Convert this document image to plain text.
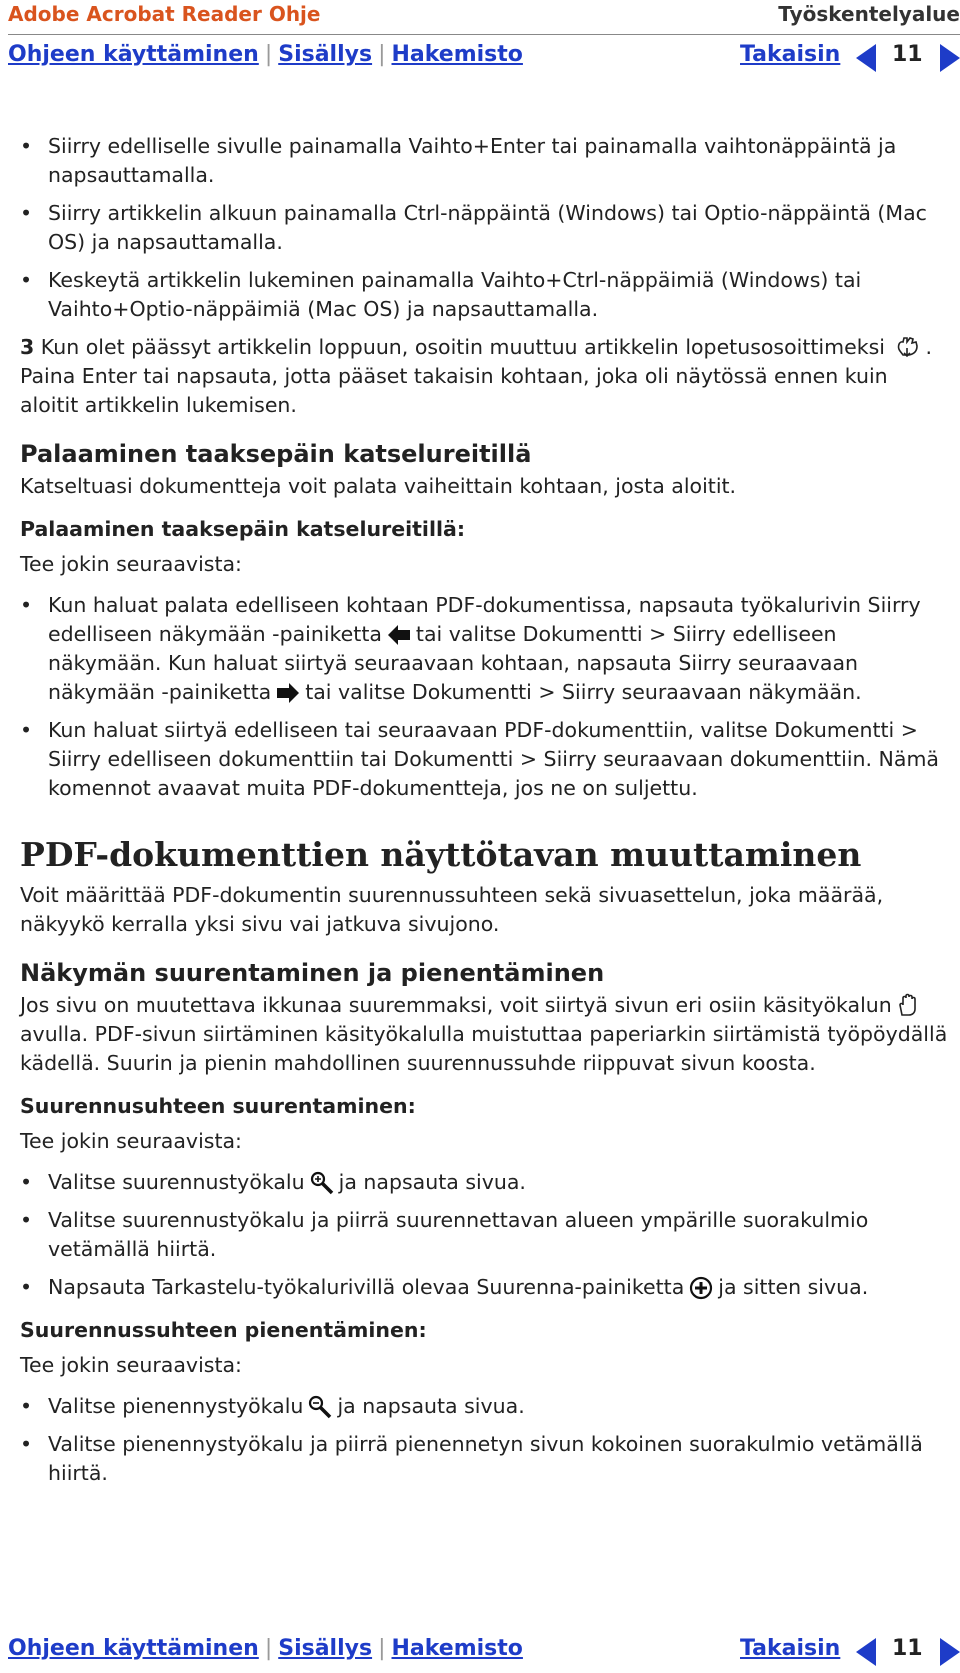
Adobe Acrobat Reader Ohje	Työskentelyalue
Ohjeen käyttäminen | Sisällys | Hakemisto	Takaisin 11
• Siirry edelliselle sivulle painamalla Vaihto+Enter tai painamalla vaihtonäppäintä ja napsauttamalla.
• Siirry artikkelin alkuun painamalla Ctrl-näppäintä (Windows) tai Optio-näppäintä (Mac OS) ja napsauttamalla.
• Keskeytä artikkelin lukeminen painamalla Vaihto+Ctrl-näppäimiä (Windows) tai Vaihto+Optio-näppäimiä (Mac OS) ja napsauttamalla.
3 Kun olet päässyt artikkelin loppuun, osoitin muuttuu artikkelin lopetusosoittimeksi . Paina Enter tai napsauta, jotta pääset takaisin kohtaan, joka oli näytössä ennen kuin aloitit artikkelin lukemisen.
Palaaminen taaksepäin katselureitillä
Katseltuasi dokumentteja voit palata vaiheittain kohtaan, josta aloitit.
Palaaminen taaksepäin katselureitillä:
Tee jokin seuraavista:
• Kun haluat palata edelliseen kohtaan PDF-dokumentissa, napsauta työkalurivin Siirry edelliseen näkymään -painiketta tai valitse Dokumentti > Siirry edelliseen näkymään. Kun haluat siirtyä seuraavaan kohtaan, napsauta Siirry seuraavaan näkymään -painiketta tai valitse Dokumentti > Siirry seuraavaan näkymään.
• Kun haluat siirtyä edelliseen tai seuraavaan PDF-dokumenttiin, valitse Dokumentti > Siirry edelliseen dokumenttiin tai Dokumentti > Siirry seuraavaan dokumenttiin. Nämä komennot avaavat muita PDF-dokumentteja, jos ne on suljettu.
PDF-dokumenttien näyttötavan muuttaminen
Voit määrittää PDF-dokumentin suurennussuhteen sekä sivuasettelun, joka määrää, näkyykö kerralla yksi sivu vai jatkuva sivujono.
Näkymän suurentaminen ja pienentäminen
Jos sivu on muutettava ikkunaa suuremmaksi, voit siirtyä sivun eri osiin käsityökalun avulla. PDF-sivun siirtäminen käsityökalulla muistuttaa paperiarkin siirtämistä työpöydällä kädellä. Suurin ja pienin mahdollinen suurennussuhde riippuvat sivun koosta.
Suurennusuhteen suurentaminen:
Tee jokin seuraavista:
• Valitse suurennustyökalu ja napsauta sivua.
• Valitse suurennustyökalu ja piirrä suurennettavan alueen ympärille suorakulmio vetämällä hiirtä.
• Napsauta Tarkastelu-työkalurivillä olevaa Suurenna-painiketta ja sitten sivua.
Suurennussuhteen pienentäminen:
Tee jokin seuraavista:
• Valitse pienennystyökalu ja napsauta sivua.
• Valitse pienennystyökalu ja piirrä pienennetyn sivun kokoinen suorakulmio vetämällä hiirtä.
Ohjeen käyttäminen | Sisällys | Hakemisto	Takaisin 11
